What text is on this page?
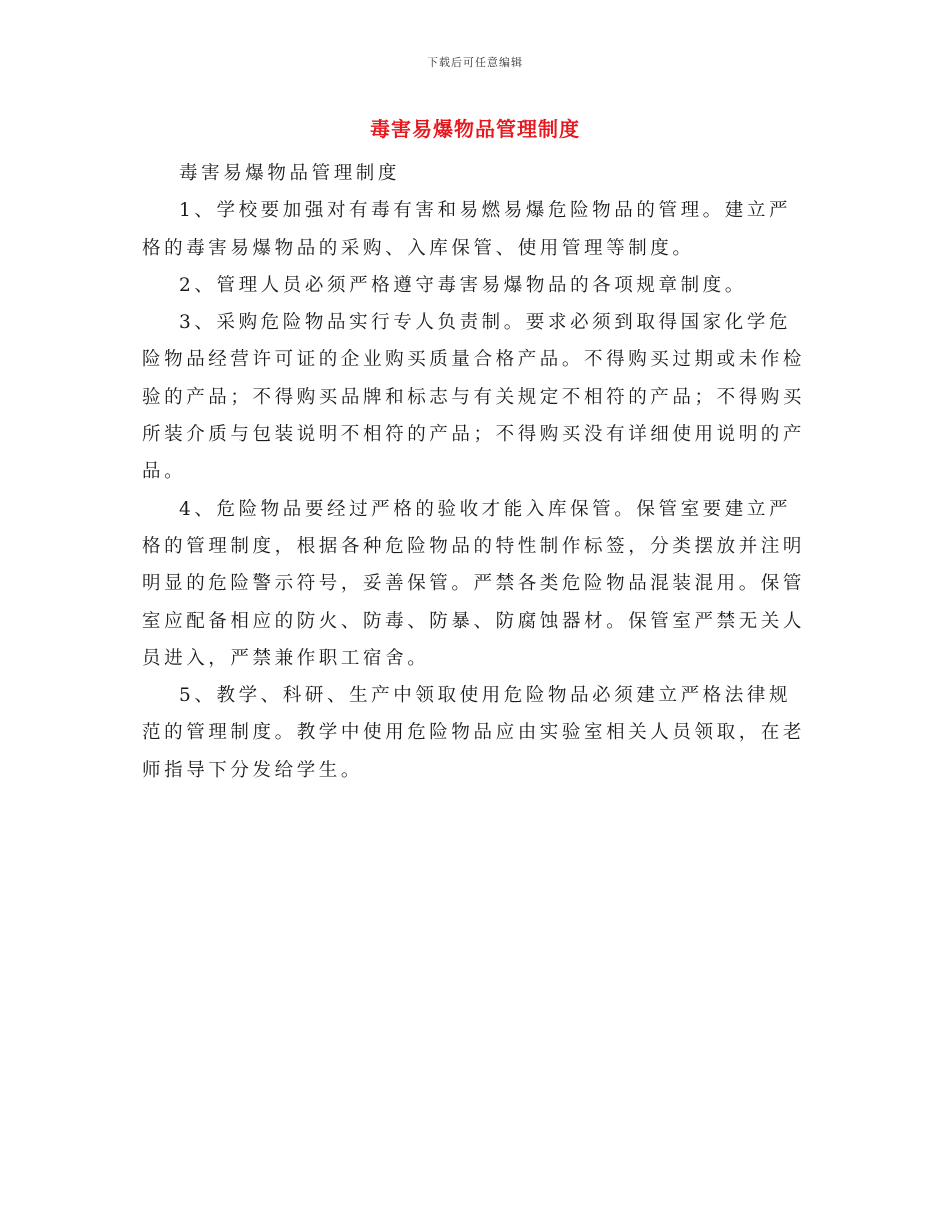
下载后可任意编辑
毒害易爆物品管理制度

毒害易爆物品管理制度

1、学校要加强对有毒有害和易燃易爆危险物品的管理。建立严格的毒害易爆物品的采购、入库保管、使用管理等制度。

2、管理人员必须严格遵守毒害易爆物品的各项规章制度。

3、采购危险物品实行专人负责制。要求必须到取得国家化学危险物品经营许可证的企业购买质量合格产品。不得购买过期或未作检验的产品；不得购买品牌和标志与有关规定不相符的产品；不得购买所装介质与包装说明不相符的产品；不得购买没有详细使用说明的产品。

4、危险物品要经过严格的验收才能入库保管。保管室要建立严格的管理制度，根据各种危险物品的特性制作标签，分类摆放并注明明显的危险警示符号，妥善保管。严禁各类危险物品混装混用。保管室应配备相应的防火、防毒、防暴、防腐蚀器材。保管室严禁无关人员进入，严禁兼作职工宿舍。

5、教学、科研、生产中领取使用危险物品必须建立严格法律规范的管理制度。教学中使用危险物品应由实验室相关人员领取，在老师指导下分发给学生。
